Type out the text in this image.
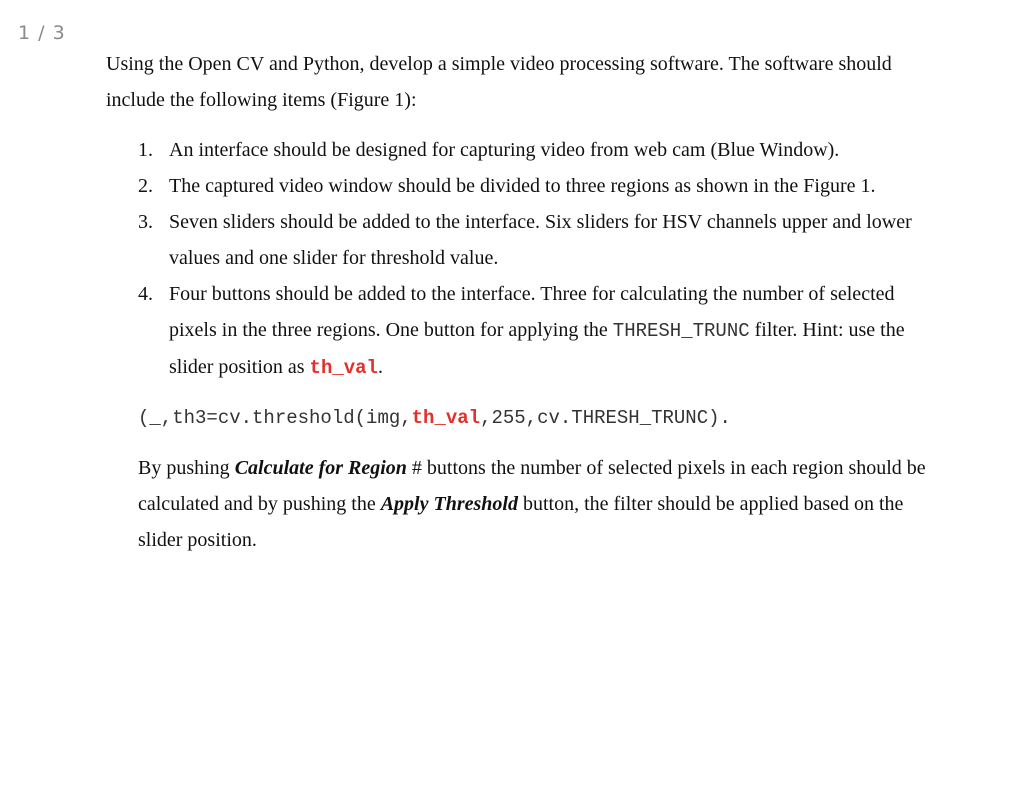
1 / 3

Using the Open CV and Python, develop a simple video processing software. The software should include the following items (Figure 1):

1. An interface should be designed for capturing video from web cam (Blue Window).
2. The captured video window should be divided to three regions as shown in the Figure 1.
3. Seven sliders should be added to the interface. Six sliders for HSV channels upper and lower values and one slider for threshold value.
4. Four buttons should be added to the interface. Three for calculating the number of selected pixels in the three regions. One button for applying the THRESH_TRUNC filter. Hint: use the slider position as th_val.
(_,th3=cv.threshold(img,th_val,255,cv.THRESH_TRUNC).

By pushing Calculate for Region # buttons the number of selected pixels in each region should be calculated and by pushing the Apply Threshold button, the filter should be applied based on the slider position.
